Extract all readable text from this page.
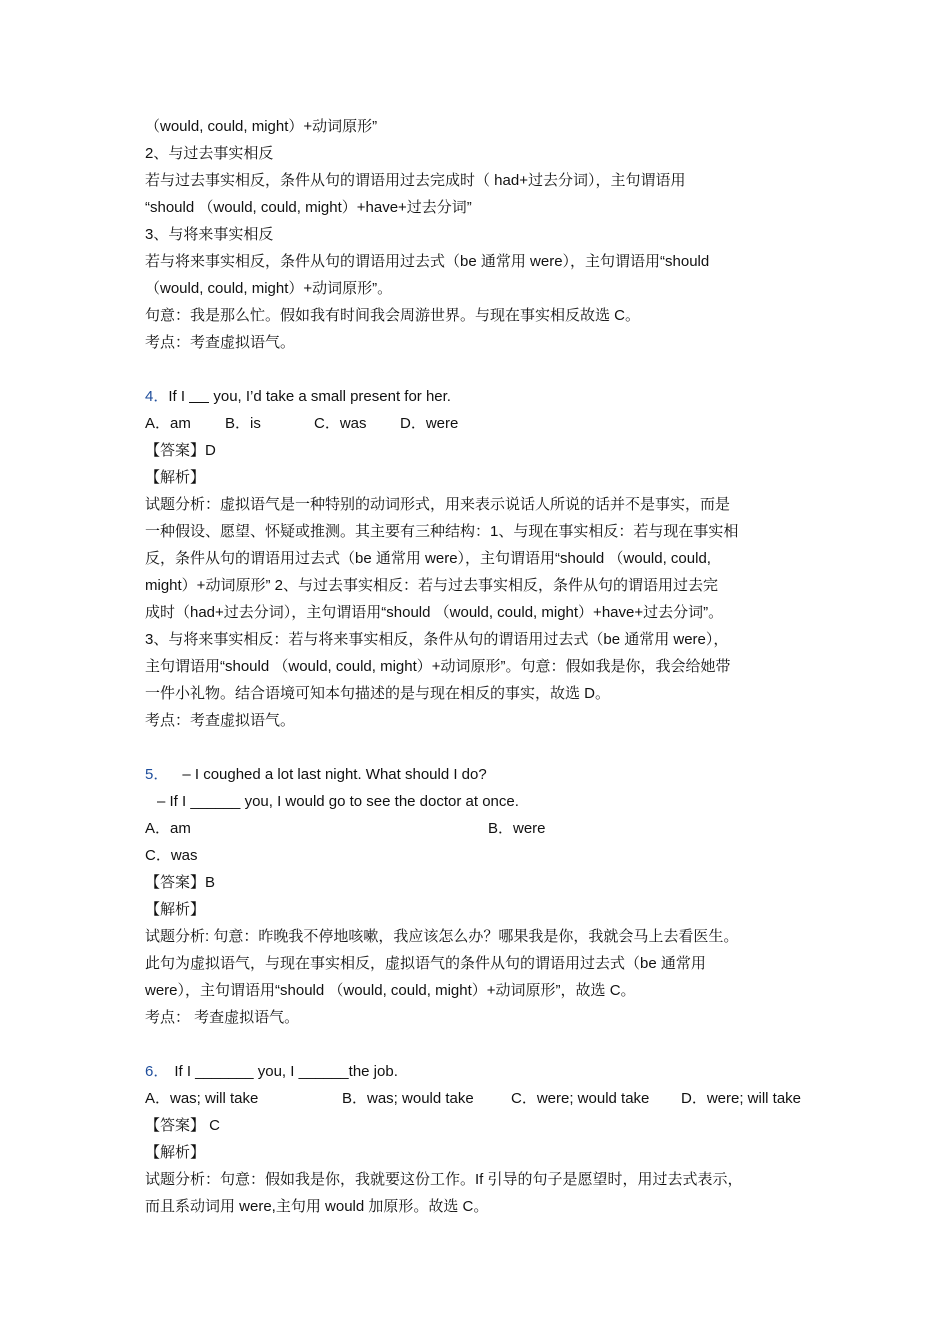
（would, could, might）+动词原形”
2、与过去事实相反
若与过去事实相反，条件从句的谓语用过去完成时（ had+过去分词），主句谓语用
“should （would, could, might）+have+过去分词”
3、与将来事实相反
若与将来事实相反，条件从句的谓语用过去式（be 通常用 were），主句谓语用“should
（would, could, might）+动词原形”。
句意：我是那么忙。假如我有时间我会周游世界。与现在事实相反故选 C。
考点：考查虚拟语气。
4．If I  you, I’d take a small present for her.
A．am B．is	C．was D．were
【答案】D
【解析】
试题分析：虚拟语气是一种特别的动词形式，用来表示说话人所说的话并不是事实，而是
一种假设、愿望、怀疑或推测。其主要有三种结构：1、与现在事实相反：若与现在事实相
反，条件从句的谓语用过去式（be 通常用 were），主句谓语用“should （would, could,
might）+动词原形” 2、与过去事实相反：若与过去事实相反，条件从句的谓语用过去完
成时（had+过去分词），主句谓语用“should （would, could, might）+have+过去分词”。
3、与将来事实相反：若与将来事实相反，条件从句的谓语用过去式（be 通常用 were），
主句谓语用“should （would, could, might）+动词原形”。句意：假如我是你，我会给她带
一件小礼物。结合语境可知本句描述的是与现在相反的事实，故选 D。
考点：考查虚拟语气。
5． – I coughed a lot last night. What should I do?
– If I ______ you, I would go to see the doctor at once.
A．am	B．were
C．was
【答案】B
【解析】
试题分析: 句意：昨晚我不停地咳嗽，我应该怎么办？哪果我是你，我就会马上去看医生。
此句为虚拟语气，与现在事实相反，虚拟语气的条件从句的谓语用过去式（be 通常用
were），主句谓语用“should （would, could, might）+动词原形”，故选 C。
考点： 考查虚拟语气。
6． If I _______ you, I ______the job.
A．was; will take	B．was; would take C．were; would take D．were; will take
【答案】 C
【解析】
试题分析：句意：假如我是你，我就要这份工作。If 引导的句子是愿望时，用过去式表示，
而且系动词用 were,主句用 would 加原形。故选 C。
